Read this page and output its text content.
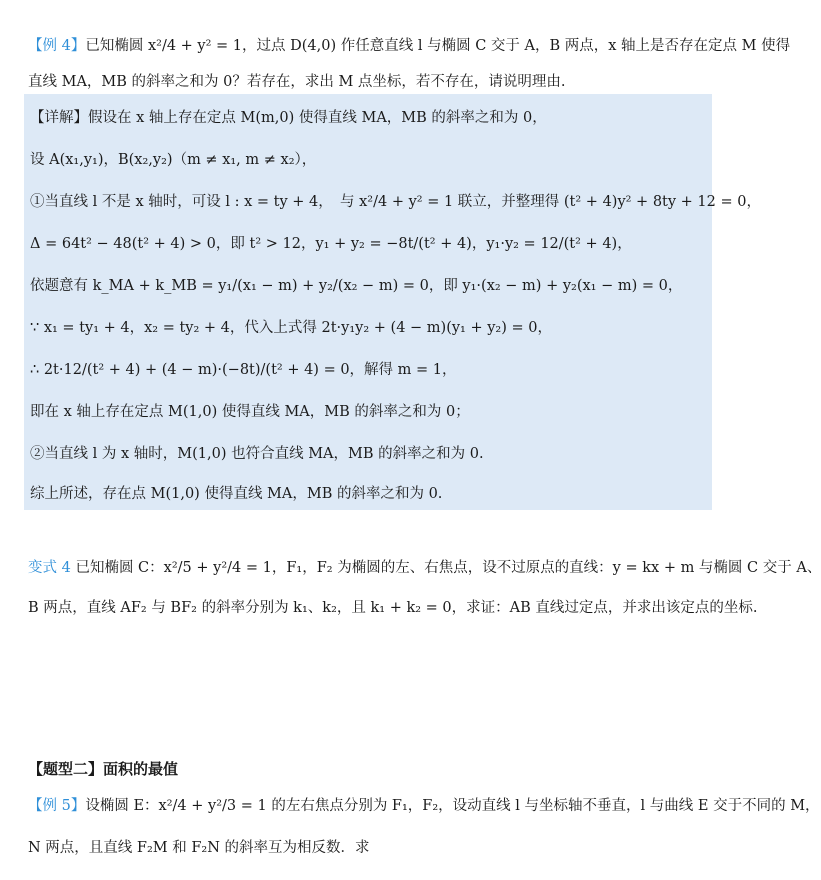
【例 4】已知椭圆 x²/4 + y² = 1，过点 D(4,0) 作任意直线 l 与椭圆 C 交于 A，B 两点，x 轴上是否存在定点 M 使得
直线 MA，MB 的斜率之和为 0？若存在，求出 M 点坐标，若不存在，请说明理由.
【详解】假设在 x 轴上存在定点 M(m,0) 使得直线 MA，MB 的斜率之和为 0，
设 A(x₁,y₁)，B(x₂,y₂)（m ≠ x₁, m ≠ x₂），
①当直线 l 不是 x 轴时，可设 l : x = ty + 4，　与 x²/4 + y² = 1 联立，并整理得 (t² + 4)y² + 8ty + 12 = 0，
Δ = 64t² − 48(t² + 4) > 0，即 t² > 12，y₁ + y₂ = −8t/(t² + 4)，y₁·y₂ = 12/(t² + 4)，
依题意有 k_MA + k_MB = y₁/(x₁ − m) + y₂/(x₂ − m) = 0，即 y₁·(x₂ − m) + y₂(x₁ − m) = 0，
∵ x₁ = ty₁ + 4，x₂ = ty₂ + 4，代入上式得 2t·y₁y₂ + (4 − m)(y₁ + y₂) = 0，
∴ 2t·12/(t² + 4) + (4 − m)·(−8t)/(t² + 4) = 0，解得 m = 1，
即在 x 轴上存在定点 M(1,0) 使得直线 MA，MB 的斜率之和为 0；
②当直线 l 为 x 轴时，M(1,0) 也符合直线 MA，MB 的斜率之和为 0.
综上所述，存在点 M(1,0) 使得直线 MA，MB 的斜率之和为 0.
变式 4 已知椭圆 C：x²/5 + y²/4 = 1，F₁，F₂ 为椭圆的左、右焦点，设不过原点的直线：y = kx + m 与椭圆 C 交于 A、
B 两点，直线 AF₂ 与 BF₂ 的斜率分别为 k₁、k₂，且 k₁ + k₂ = 0，求证：AB 直线过定点，并求出该定点的坐标.
【题型二】面积的最值
【例 5】设椭圆 E：x²/4 + y²/3 = 1 的左右焦点分别为 F₁，F₂，设动直线 l 与坐标轴不垂直，l 与曲线 E 交于不同的 M，
N 两点，且直线 F₂M 和 F₂N 的斜率互为相反数．求
